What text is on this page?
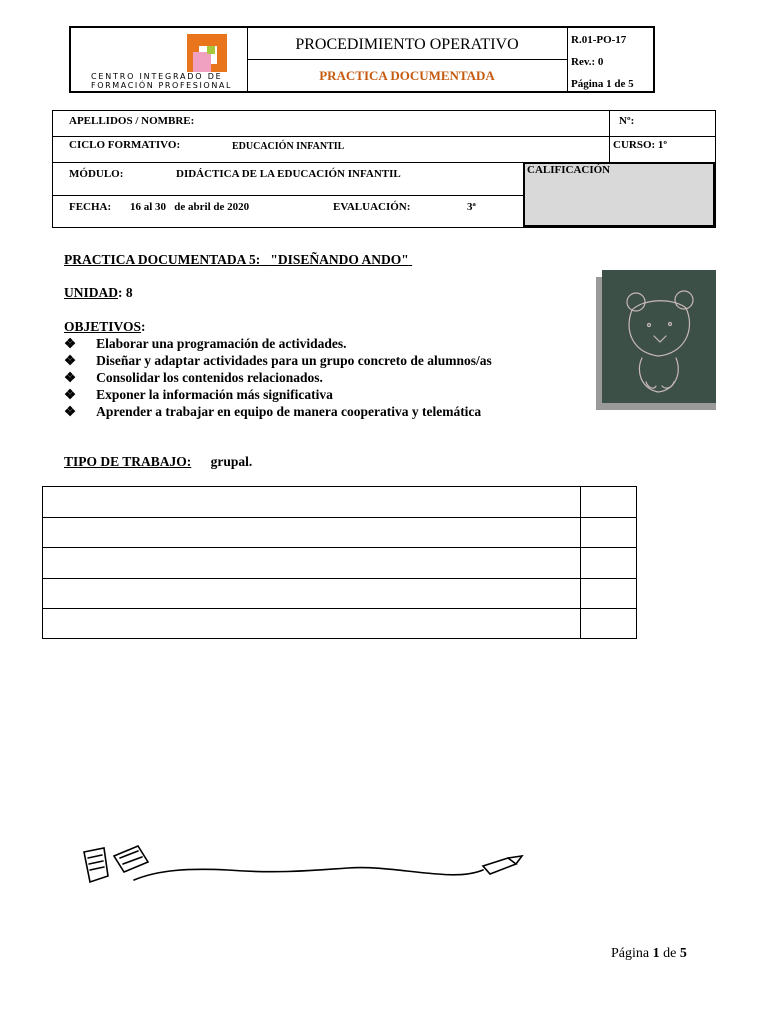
CENTRO INTEGRADO DE
FORMACIÓN PROFESIONAL
PROCEDIMIENTO OPERATIVO
PRACTICA DOCUMENTADA
R.01-PO-17
Rev.: 0
Página 1 de 5
APELLIDOS / NOMBRE:	Nº:
CICLO FORMATIVO:	EDUCACIÓN INFANTIL	CURSO: 1º
MÓDULO:	DIDÁCTICA DE LA EDUCACIÓN INFANTIL	CALIFICACIÓN
FECHA: 16 al 30   de abril de 2020	EVALUACIÓN:	3ª
PRACTICA DOCUMENTADA 5: "DISEÑANDO ANDO"
UNIDAD: 8
OBJETIVOS:
❖ Elaborar una programación de actividades.
❖ Diseñar y adaptar actividades para un grupo concreto de alumnos/as
❖ Consolidar los contenidos relacionados.
❖ Exponer la información más significativa
❖ Aprender a trabajar en equipo de manera cooperativa y telemática
TIPO DE TRABAJO: grupal.
Página 1 de 5
